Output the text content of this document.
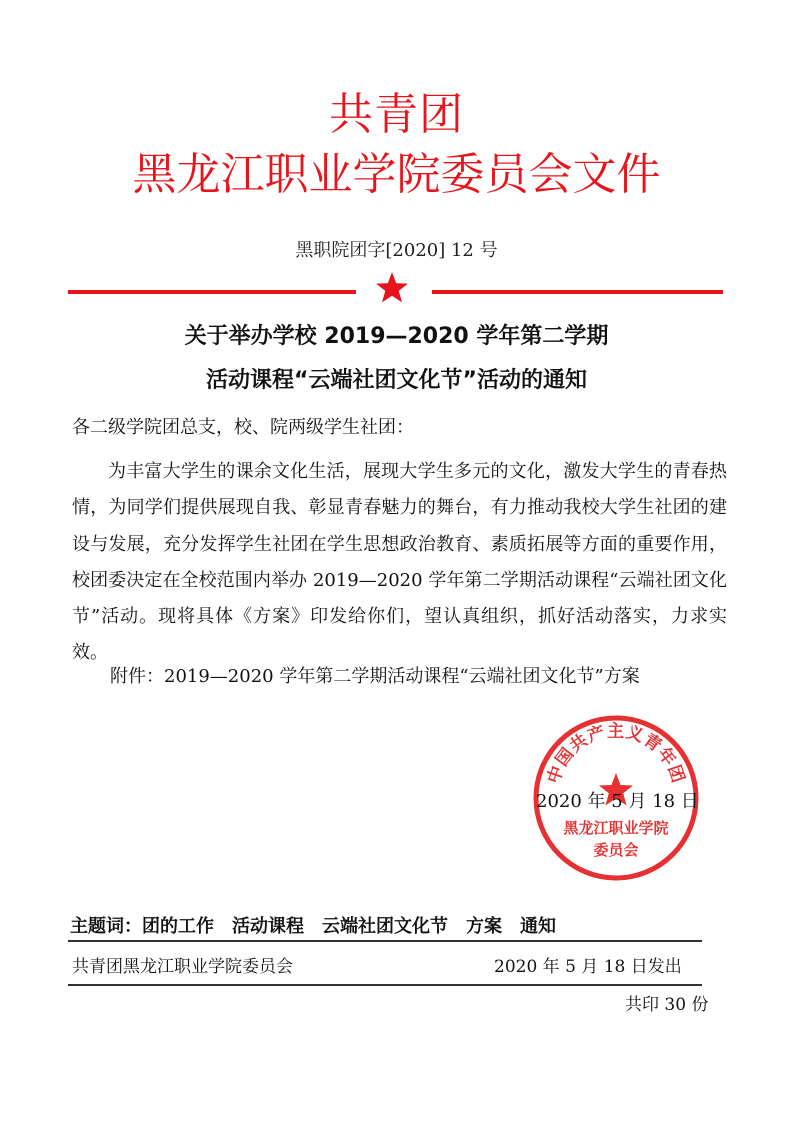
共青团
黑龙江职业学院委员会文件
黑职院团字[2020] 12 号
关于举办学校 2019—2020 学年第二学期
活动课程“云端社团文化节”活动的通知
各二级学院团总支，校、院两级学生社团：
为丰富大学生的课余文化生活，展现大学生多元的文化，激发大学生的青春热情，为同学们提供展现自我、彰显青春魅力的舞台，有力推动我校大学生社团的建设与发展，充分发挥学生社团在学生思想政治教育、素质拓展等方面的重要作用，校团委决定在全校范围内举办 2019—2020 学年第二学期活动课程“云端社团文化节”活动。现将具体《方案》印发给你们，望认真组织，抓好活动落实，力求实效。
附件：2019—2020 学年第二学期活动课程“云端社团文化节”方案
中国共产主义青年团
黑龙江职业学院
委员会
2020 年 5 月 18 日
主题词：团的工作　活动课程　云端社团文化节　方案　通知
共青团黑龙江职业学院委员会	2020 年 5 月 18 日发出
共印 30 份
